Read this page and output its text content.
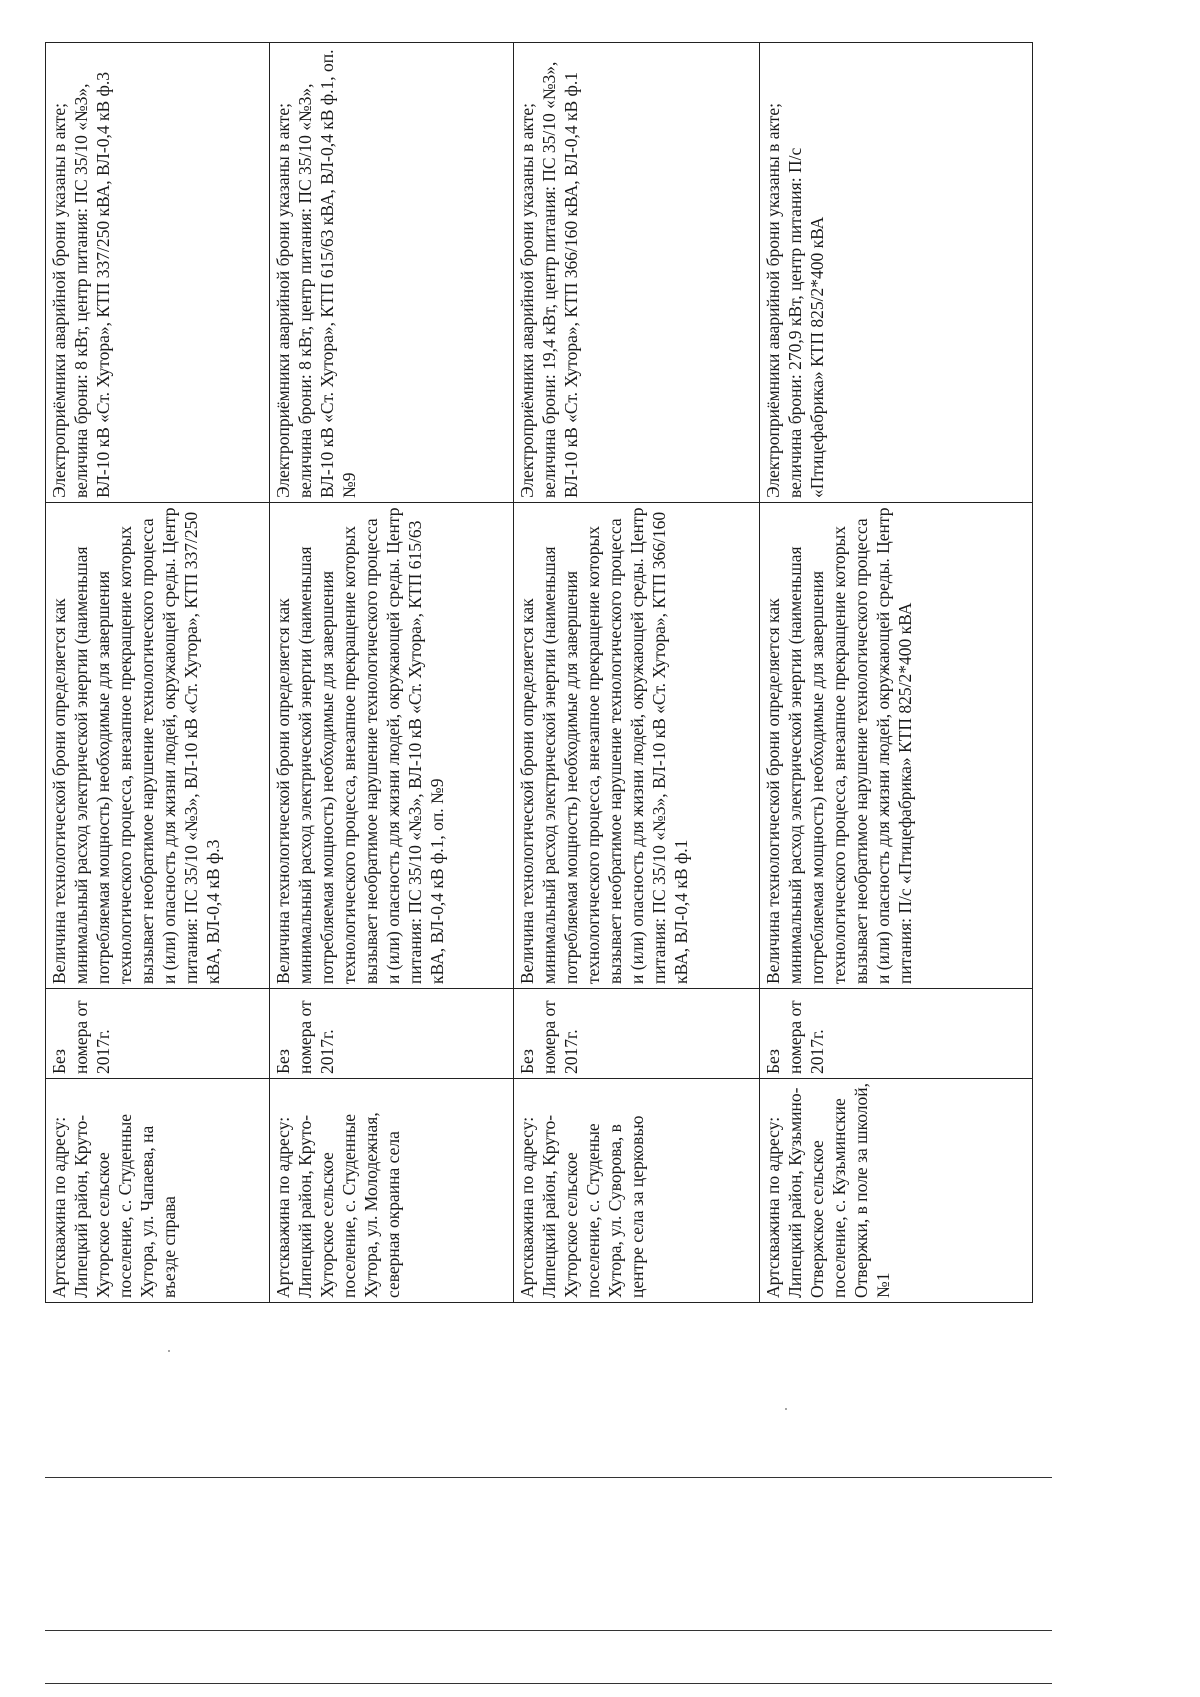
Артскважина по адресу: Липецкий район, Круто-Хуторское сельское поселение, с. Студенные Хутора, ул. Чапаева, на въезде справа	Без номера от 2017г.	Величина технологической брони определяется как минимальный расход электрической энергии (наименьшая потребляемая мощность) необходимые для завершения технологического процесса, внезапное прекращение которых вызывает необратимое нарушение технологического процесса и (или) опасность для жизни людей, окружающей среды. Центр питания: ПС 35/10 «№3», ВЛ-10 кВ «Ст. Хутора», КТП 337/250 кВА, ВЛ-0,4 кВ ф.3	Электроприёмники аварийной брони указаны в акте; величина брони: 8 кВт, центр питания: ПС 35/10 «№3», ВЛ-10 кВ «Ст. Хутора», КТП 337/250 кВА, ВЛ-0,4 кВ ф.3
Артскважина по адресу: Липецкий район, Круто-Хуторское сельское поселение, с. Студенные Хутора, ул. Молодежная, северная окраина села	Без номера от 2017г.	Величина технологической брони определяется как минимальный расход электрической энергии (наименьшая потребляемая мощность) необходимые для завершения технологического процесса, внезапное прекращение которых вызывает необратимое нарушение технологического процесса и (или) опасность для жизни людей, окружающей среды. Центр питания: ПС 35/10 «№3», ВЛ-10 кВ «Ст. Хутора», КТП 615/63 кВА, ВЛ-0,4 кВ ф.1, оп. №9	Электроприёмники аварийной брони указаны в акте; величина брони: 8 кВт, центр питания: ПС 35/10 «№3», ВЛ-10 кВ «Ст. Хутора», КТП 615/63 кВА, ВЛ-0,4 кВ ф.1, оп. №9
Артскважина по адресу: Липецкий район, Круто-Хуторское сельское поселение, с. Студеные Хутора, ул. Суворова, в центре села за церковью	Без номера от 2017г.	Величина технологической брони определяется как минимальный расход электрической энергии (наименьшая потребляемая мощность) необходимые для завершения технологического процесса, внезапное прекращение которых вызывает необратимое нарушение технологического процесса и (или) опасность для жизни людей, окружающей среды. Центр питания: ПС 35/10 «№3», ВЛ-10 кВ «Ст. Хутора», КТП 366/160 кВА, ВЛ-0,4 кВ ф.1	Электроприёмники аварийной брони указаны в акте; величина брони: 19,4 кВт, центр питания: ПС 35/10 «№3», ВЛ-10 кВ «Ст. Хутора», КТП 366/160 кВА, ВЛ-0,4 кВ ф.1
Артскважина по адресу: Липецкий район, Кузьмино-Отвержское сельское поселение, с. Кузьминские Отвержки, в поле за школой, №1	Без номера от 2017г.	Величина технологической брони определяется как минимальный расход электрической энергии (наименьшая потребляемая мощность) необходимые для завершения технологического процесса, внезапное прекращение которых вызывает необратимое нарушение технологического процесса и (или) опасность для жизни людей, окружающей среды. Центр питания: П/с «Птицефабрика» КТП 825/2*400 кВА	Электроприёмники аварийной брони указаны в акте; величина брони: 270,9 кВт, центр питания: П/с «Птицефабрика» КТП 825/2*400 кВА
